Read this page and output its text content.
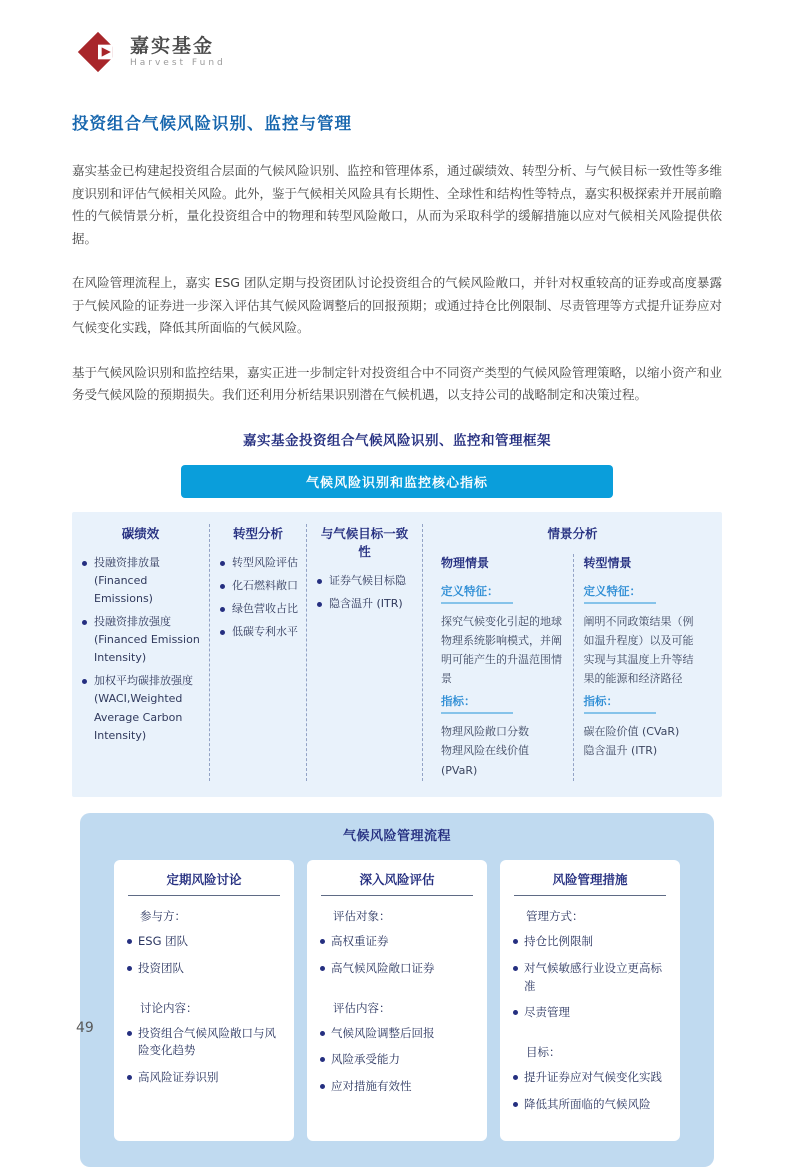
嘉实基金
Harvest Fund
投资组合气候风险识别、监控与管理

嘉实基金已构建起投资组合层面的气候风险识别、监控和管理体系，通过碳绩效、转型分析、与气候目标一致性等多维度识别和评估气候相关风险。此外，鉴于气候相关风险具有长期性、全球性和结构性等特点，嘉实积极探索并开展前瞻性的气候情景分析，量化投资组合中的物理和转型风险敞口，从而为采取科学的缓解措施以应对气候相关风险提供依据。

在风险管理流程上，嘉实 ESG 团队定期与投资团队讨论投资组合的气候风险敞口，并针对权重较高的证券或高度暴露于气候风险的证券进一步深入评估其气候风险调整后的回报预期；或通过持仓比例限制、尽责管理等方式提升证券应对气候变化实践，降低其所面临的气候风险。

基于气候风险识别和监控结果，嘉实正进一步制定针对投资组合中不同资产类型的气候风险管理策略，以缩小资产和业务受气候风险的预期损失。我们还利用分析结果识别潜在气候机遇，以支持公司的战略制定和决策过程。

嘉实基金投资组合气候风险识别、监控和管理框架
气候风险识别和监控核心指标
碳绩效
投融资排放量 (Financed Emissions)
投融资排放强度 (Financed Emission Intensity)
加权平均碳排放强度 (WACI,Weighted Average Carbon Intensity)
转型分析
转型风险评估
化石燃料敞口
绿色营收占比
低碳专利水平
与气候目标一致性
证券气候目标隐
隐含温升 (ITR)
情景分析
物理情景
定义特征：
探究气候变化引起的地球物理系统影响模式，并阐明可能产生的升温范围情景
指标：
物理风险敞口分数
物理风险在线价值 (PVaR)
转型情景
定义特征：
阐明不同政策结果（例如温升程度）以及可能实现与其温度上升等结果的能源和经济路径
指标：
碳在险价值 (CVaR)
隐含温升 (ITR)
气候风险管理流程
定期风险讨论
参与方：
ESG 团队
投资团队
讨论内容：
投资组合气候风险敞口与风险变化趋势
高风险证券识别
深入风险评估
评估对象：
高权重证券
高气候风险敞口证券
评估内容：
气候风险调整后回报
风险承受能力
应对措施有效性
风险管理措施
管理方式：
持仓比例限制
对气候敏感行业设立更高标准
尽责管理
目标：
提升证券应对气候变化实践
降低其所面临的气候风险
49
